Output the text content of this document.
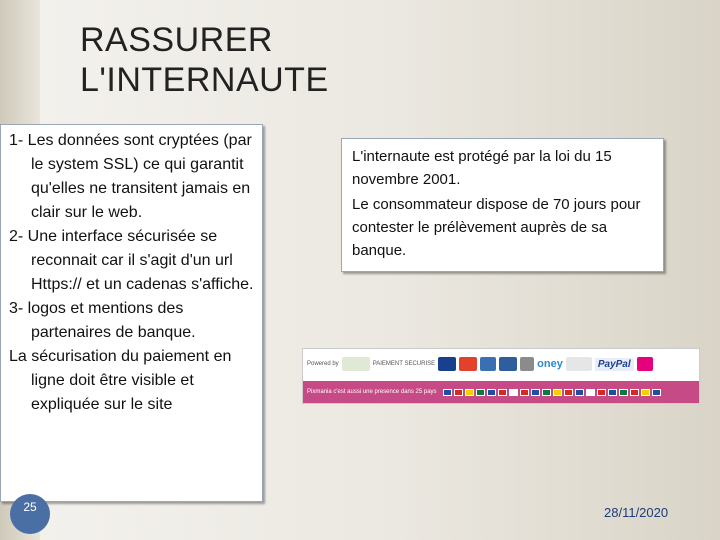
RASSURER
L'INTERNAUTE

1- Les données sont cryptées (par le system SSL) ce qui garantit qu'elles ne transitent jamais en clair sur le web.

2- Une interface sécurisée se reconnait car il s'agit d'un url Https:// et un cadenas s'affiche.

3- logos et mentions des partenaires de banque.

La sécurisation du paiement en ligne doit être visible et expliquée sur le site

L'internaute est protégé par la loi du 15 novembre 2001.

Le consommateur dispose de 70 jours pour contester le prélèvement auprès de sa banque.

Powered by	PAIEMENT SECURISE	oney	PayPal
Pixmania c'est aussi une presence dans 25 pays
25	28/11/2020
